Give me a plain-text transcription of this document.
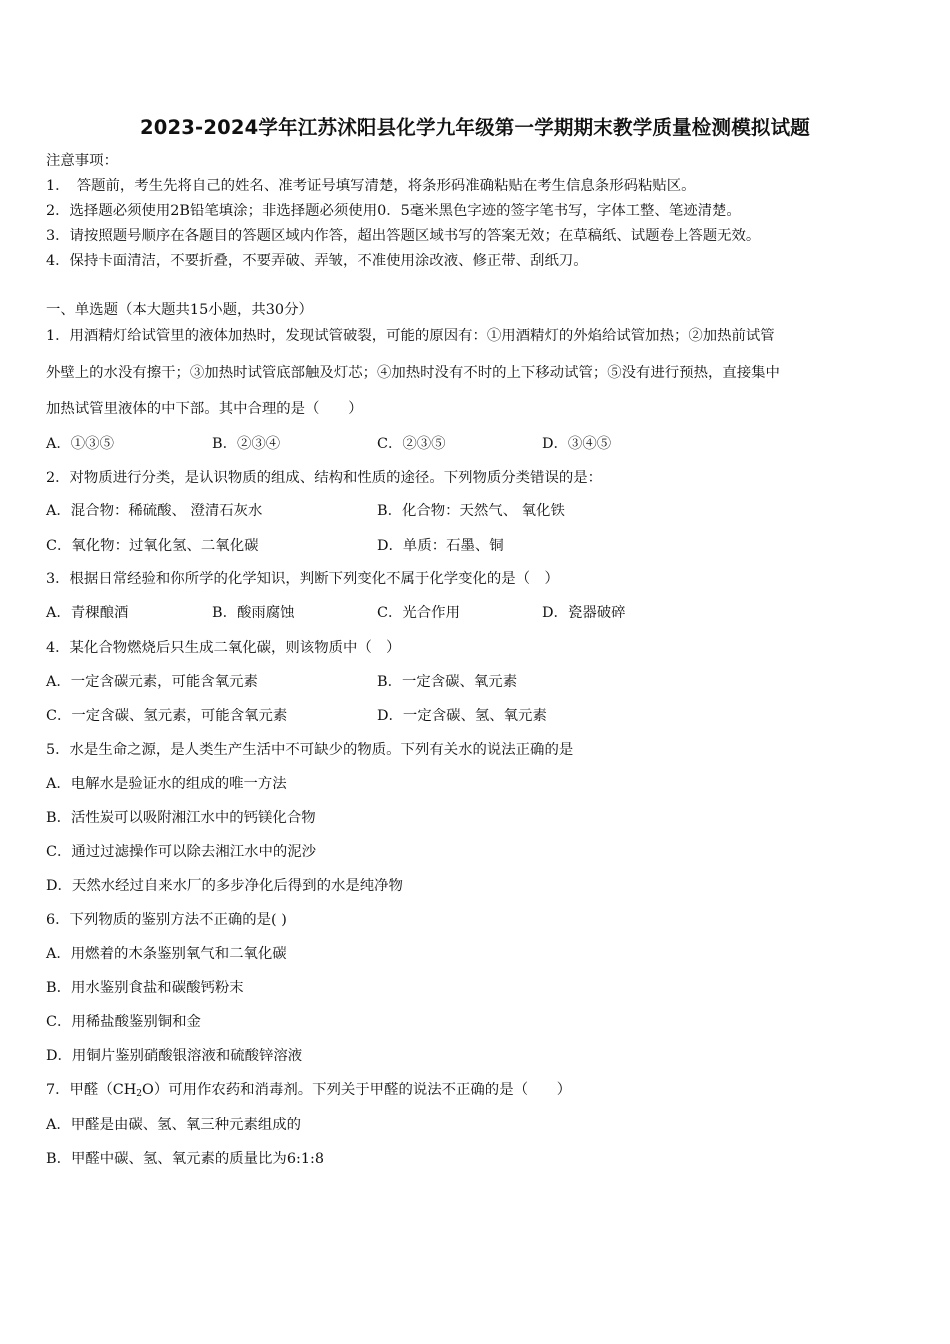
2023-2024学年江苏沭阳县化学九年级第一学期期末教学质量检测模拟试题
注意事项：
1．　答题前，考生先将自己的姓名、准考证号填写清楚，将条形码准确粘贴在考生信息条形码粘贴区。
2．选择题必须使用2B铅笔填涂；非选择题必须使用0．5毫米黑色字迹的签字笔书写，字体工整、笔迹清楚。
3．请按照题号顺序在各题目的答题区域内作答，超出答题区域书写的答案无效；在草稿纸、试题卷上答题无效。
4．保持卡面清洁，不要折叠，不要弄破、弄皱，不准使用涂改液、修正带、刮纸刀。
一、单选题（本大题共15小题，共30分）
1．用酒精灯给试管里的液体加热时，发现试管破裂，可能的原因有：①用酒精灯的外焰给试管加热；②加热前试管
外壁上的水没有擦干；③加热时试管底部触及灯芯；④加热时没有不时的上下移动试管；⑤没有进行预热，直接集中
加热试管里液体的中下部。其中合理的是（　　）
A．①③⑤	B．②③④	C．②③⑤	D．③④⑤
2．对物质进行分类，是认识物质的组成、结构和性质的途径。下列物质分类错误的是：
A．混合物：稀硫酸、 澄清石灰水	B．化合物：天然气、 氧化铁
C．氧化物：过氧化氢、二氧化碳	D．单质：石墨、铜
3．根据日常经验和你所学的化学知识，判断下列变化不属于化学变化的是（　）
A．青稞酿酒	B．酸雨腐蚀	C．光合作用	D．瓷器破碎
4．某化合物燃烧后只生成二氧化碳，则该物质中（　）
A．一定含碳元素，可能含氧元素	B．一定含碳、氧元素
C．一定含碳、氢元素，可能含氧元素	D．一定含碳、氢、氧元素
5．水是生命之源，是人类生产生活中不可缺少的物质。下列有关水的说法正确的是
A．电解水是验证水的组成的唯一方法
B．活性炭可以吸附湘江水中的钙镁化合物
C．通过过滤操作可以除去湘江水中的泥沙
D．天然水经过自来水厂的多步净化后得到的水是纯净物
6．下列物质的鉴别方法不正确的是( )
A．用燃着的木条鉴别氧气和二氧化碳
B．用水鉴别食盐和碳酸钙粉末
C．用稀盐酸鉴别铜和金
D．用铜片鉴别硝酸银溶液和硫酸锌溶液
7．甲醛$(CH_2O)$可用作农药和消毒剂。下列关于甲醛的说法不正确的是（　　）
A．甲醛是由碳、氢、氧三种元素组成的
B．甲醛中碳、氢、氧元素的质量比为6:1:8
